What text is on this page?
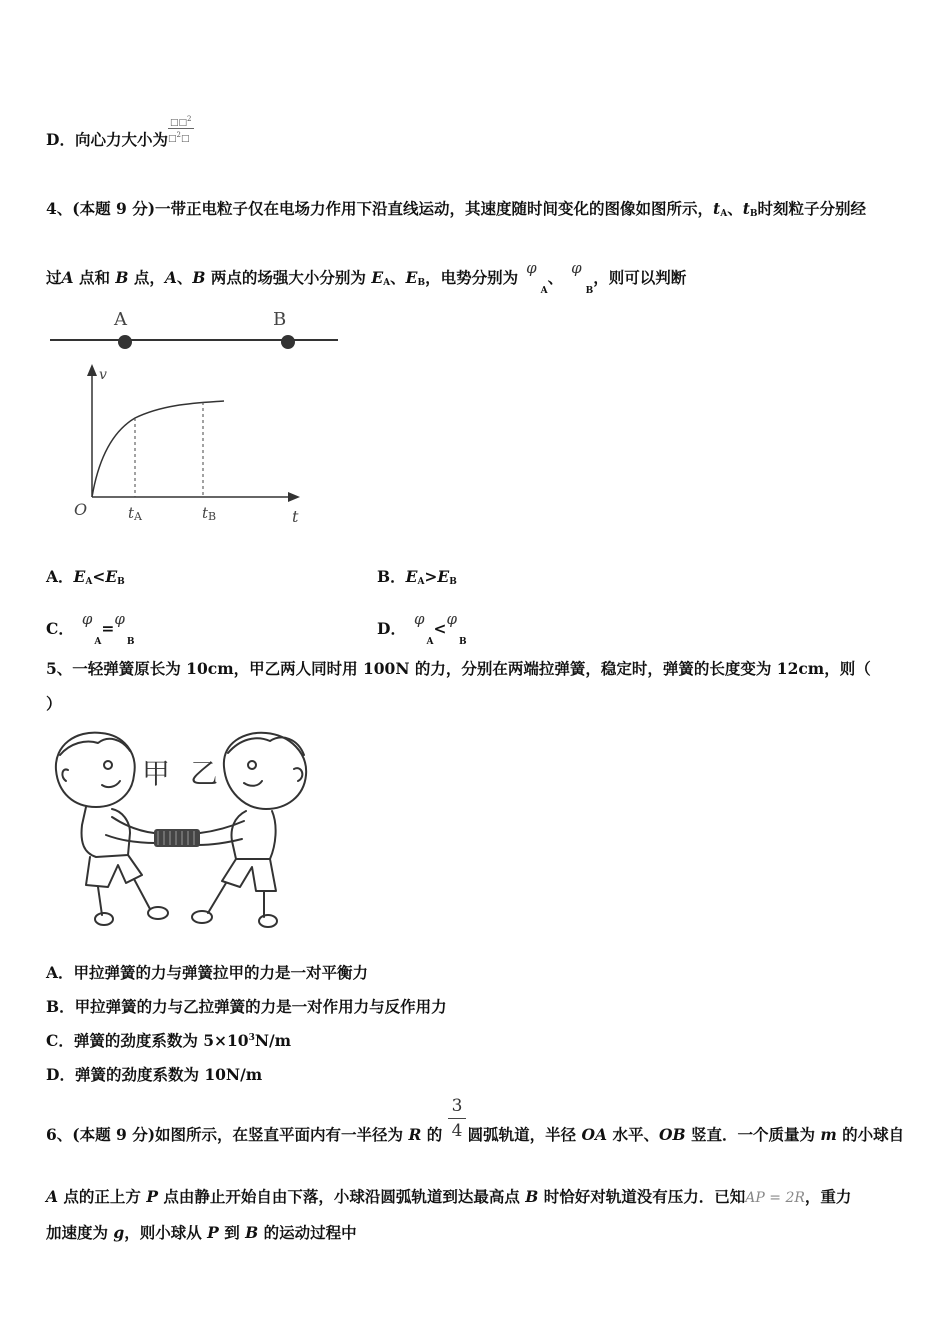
D．向心力大小为 $\frac{□□^2}{□^2□}$
4、(本题 9 分)一带正电粒子仅在电场力作用下沿直线运动，其速度随时间变化的图像如图所示，$t_A$、$t_B$时刻粒子分别经
过A 点和 B 点，A、B 两点的场强大小分别为 $E_A$、$E_B$，电势分别为 $\varphi_A$、 $\varphi_B$，则可以判断
A	B
v
t
O	tA	tB
A．$E_A<E_B$	B．$E_A>E_B$
C． $\varphi_A=\varphi_B$
D． $\varphi_A<\varphi_B$
5、一轻弹簧原长为 10cm，甲乙两人同时用 100N 的力，分别在两端拉弹簧，稳定时，弹簧的长度变为 12cm，则（
）
甲 乙
A．甲拉弹簧的力与弹簧拉甲的力是一对平衡力
B．甲拉弹簧的力与乙拉弹簧的力是一对作用力与反作用力
C．弹簧的劲度系数为 $5\times 10^3N/m$
D．弹簧的劲度系数为 10N/m
3
4
6、(本题 9 分)如图所示，在竖直平面内有一半径为 R 的 圆弧轨道，半径 OA 水平、OB 竖直．一个质量为 m 的小球自
A 点的正上方 P 点由静止开始自由下落，小球沿圆弧轨道到达最高点 B 时恰好对轨道没有压力．已知AP = 2R，重力
加速度为 g，则小球从 P 到 B 的运动过程中
